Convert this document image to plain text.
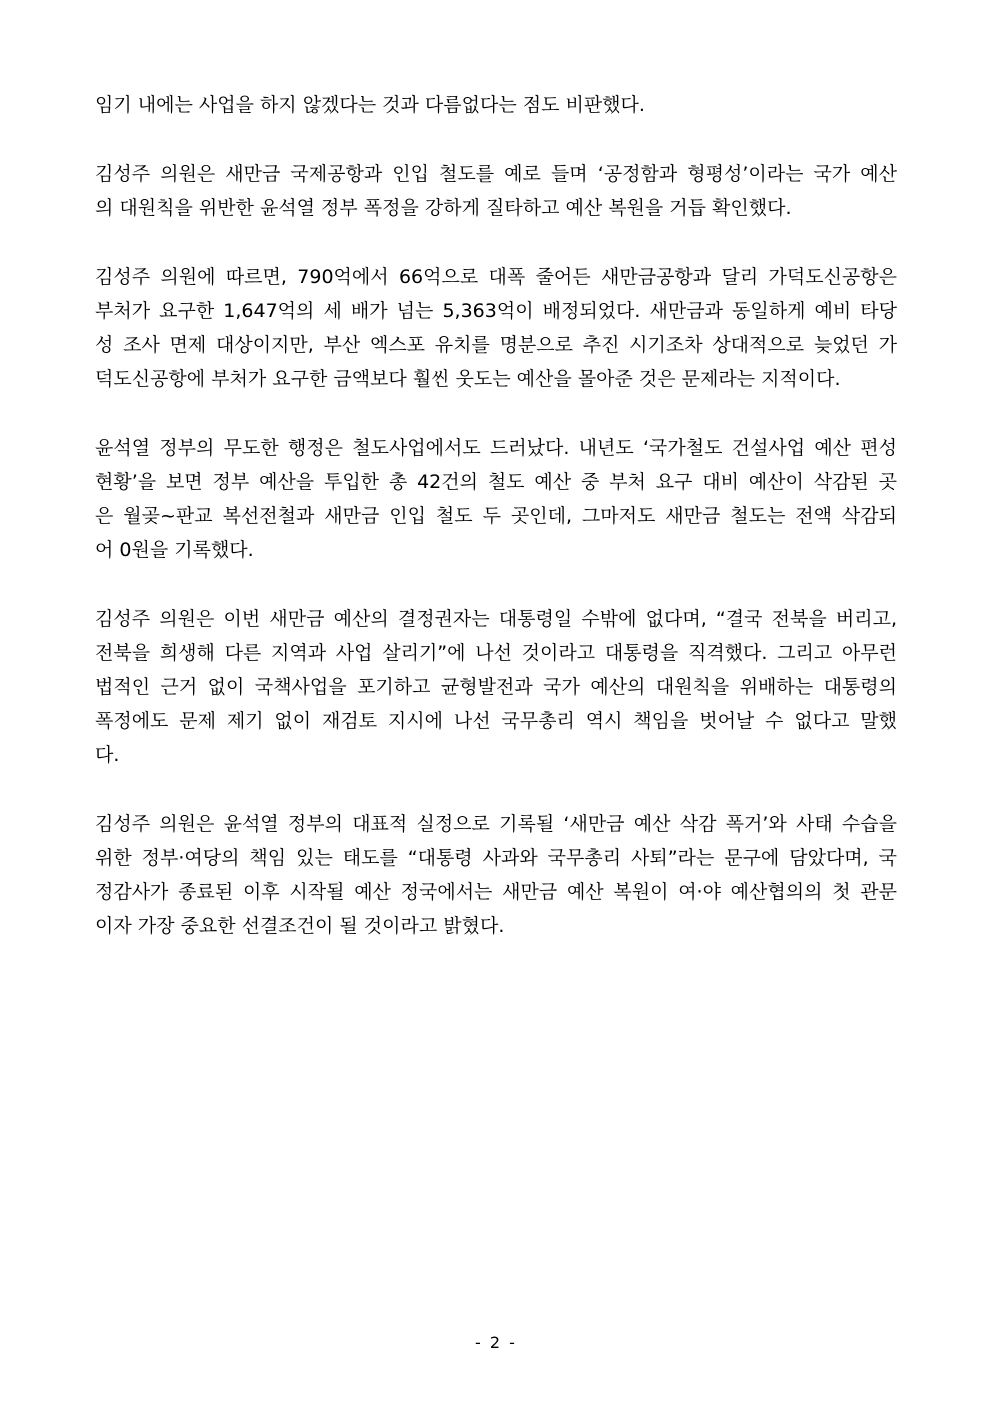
임기 내에는 사업을 하지 않겠다는 것과 다름없다는 점도 비판했다.
김성주 의원은 새만금 국제공항과 인입 철도를 예로 들며 ‘공정함과 형평성’이라는 국가 예산
의 대원칙을 위반한 윤석열 정부 폭정을 강하게 질타하고 예산 복원을 거듭 확인했다.
김성주 의원에 따르면, 790억에서 66억으로 대폭 줄어든 새만금공항과 달리 가덕도신공항은
부처가 요구한 1,647억의 세 배가 넘는 5,363억이 배정되었다. 새만금과 동일하게 예비 타당
성 조사 면제 대상이지만, 부산 엑스포 유치를 명분으로 추진 시기조차 상대적으로 늦었던 가
덕도신공항에 부처가 요구한 금액보다 훨씬 웃도는 예산을 몰아준 것은 문제라는 지적이다.
윤석열 정부의 무도한 행정은 철도사업에서도 드러났다. 내년도 ‘국가철도 건설사업 예산 편성
현황’을 보면 정부 예산을 투입한 총 42건의 철도 예산 중 부처 요구 대비 예산이 삭감된 곳
은 월곶~판교 복선전철과 새만금 인입 철도 두 곳인데, 그마저도 새만금 철도는 전액 삭감되
어 0원을 기록했다.
김성주 의원은 이번 새만금 예산의 결정권자는 대통령일 수밖에 없다며, “결국 전북을 버리고,
전북을 희생해 다른 지역과 사업 살리기”에 나선 것이라고 대통령을 직격했다. 그리고 아무런
법적인 근거 없이 국책사업을 포기하고 균형발전과 국가 예산의 대원칙을 위배하는 대통령의
폭정에도 문제 제기 없이 재검토 지시에 나선 국무총리 역시 책임을 벗어날 수 없다고 말했
다.
김성주 의원은 윤석열 정부의 대표적 실정으로 기록될 ‘새만금 예산 삭감 폭거’와 사태 수습을
위한 정부·여당의 책임 있는 태도를 “대통령 사과와 국무총리 사퇴”라는 문구에 담았다며, 국
정감사가 종료된 이후 시작될 예산 정국에서는 새만금 예산 복원이 여·야 예산협의의 첫 관문
이자 가장 중요한 선결조건이 될 것이라고 밝혔다.
- 2 -
